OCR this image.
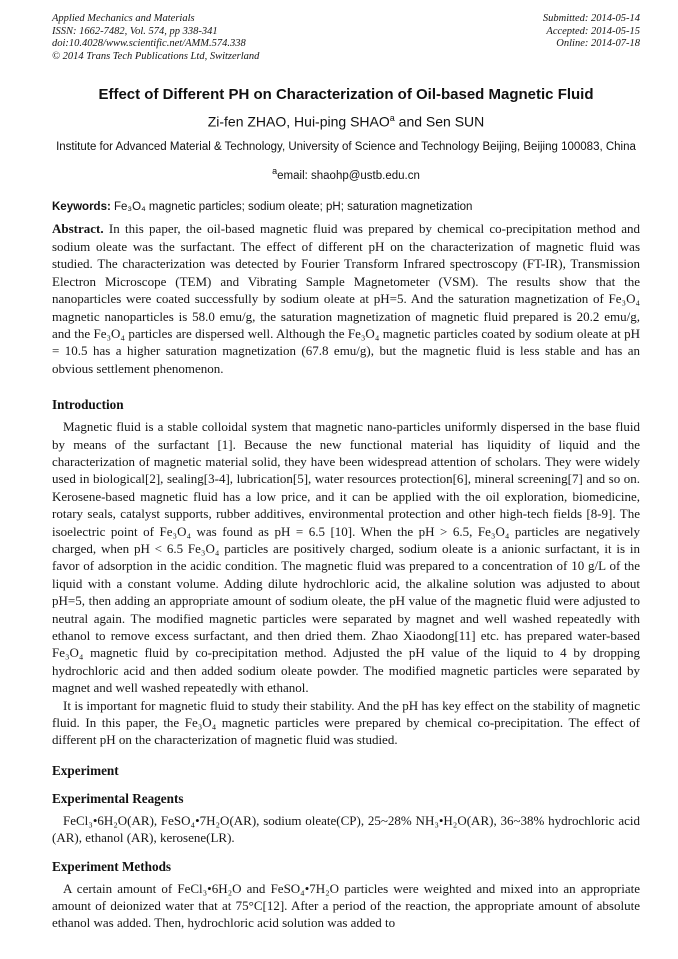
Applied Mechanics and Materials
ISSN: 1662-7482, Vol. 574, pp 338-341
doi:10.4028/www.scientific.net/AMM.574.338
© 2014 Trans Tech Publications Ltd, Switzerland
Submitted: 2014-05-14
Accepted: 2014-05-15
Online: 2014-07-18
Effect of Different PH on Characterization of Oil-based Magnetic Fluid
Zi-fen ZHAO, Hui-ping SHAO$^a$ and Sen SUN
Institute for Advanced Material & Technology, University of Science and Technology Beijing, Beijing 100083, China
$^a$email: shaohp@ustb.edu.cn
Keywords: Fe₃O₄ magnetic particles; sodium oleate; pH; saturation magnetization

Abstract. In this paper, the oil-based magnetic fluid was prepared by chemical co-precipitation method and sodium oleate was the surfactant. The effect of different pH on the characterization of magnetic fluid was studied. The characterization was detected by Fourier Transform Infrared spectroscopy (FT-IR), Transmission Electron Microscope (TEM) and Vibrating Sample Magnetometer (VSM). The results show that the nanoparticles were coated successfully by sodium oleate at pH=5. And the saturation magnetization of Fe₃O₄ magnetic nanoparticles is 58.0 emu/g, the saturation magnetization of magnetic fluid prepared is 20.2 emu/g, and the Fe₃O₄ particles are dispersed well. Although the Fe₃O₄ magnetic particles coated by sodium oleate at pH = 10.5 has a higher saturation magnetization (67.8 emu/g), but the magnetic fluid is less stable and has an obvious settlement phenomenon.

Introduction

Magnetic fluid is a stable colloidal system that magnetic nano-particles uniformly dispersed in the base fluid by means of the surfactant [1]. Because the new functional material has liquidity of liquid and the characterization of magnetic material solid, they have been widespread attention of scholars. They were widely used in biological[2], sealing[3-4], lubrication[5], water resources protection[6], mineral screening[7] and so on. Kerosene-based magnetic fluid has a low price, and it can be applied with the oil exploration, biomedicine, rotary seals, catalyst supports, rubber additives, environmental protection and other high-tech fields [8-9]. The isoelectric point of Fe₃O₄ was found as pH = 6.5 [10]. When the pH > 6.5, Fe₃O₄ particles are negatively charged, when pH < 6.5 Fe₃O₄ particles are positively charged, sodium oleate is a anionic surfactant, it is in favor of adsorption in the acidic condition. The magnetic fluid was prepared to a concentration of 10 g/L of the liquid with a constant volume. Adding dilute hydrochloric acid, the alkaline solution was adjusted to about pH=5, then adding an appropriate amount of sodium oleate, the pH value of the magnetic fluid were adjusted to neutral again. The modified magnetic particles were separated by magnet and well washed repeatedly with ethanol to remove excess surfactant, and then dried them. Zhao Xiaodong[11] etc. has prepared water-based Fe₃O₄ magnetic fluid by co-precipitation method. Adjusted the pH value of the liquid to 4 by dropping hydrochloric acid and then added sodium oleate powder. The modified magnetic particles were separated by magnet and well washed repeatedly with ethanol.

It is important for magnetic fluid to study their stability. And the pH has key effect on the stability of magnetic fluid. In this paper, the Fe₃O₄ magnetic particles were prepared by chemical co-precipitation. The effect of different pH on the characterization of magnetic fluid was studied.

Experiment
Experimental Reagents

FeCl₃•6H₂O(AR), FeSO₄•7H₂O(AR), sodium oleate(CP), 25~28% NH₃•H₂O(AR), 36~38% hydrochloric acid (AR), ethanol (AR), kerosene(LR).

Experiment Methods

A certain amount of FeCl₃•6H₂O and FeSO₄•7H₂O particles were weighted and mixed into an appropriate amount of deionized water that at 75°C[12]. After a period of the reaction, the appropriate amount of absolute ethanol was added. Then, hydrochloric acid solution was added to
